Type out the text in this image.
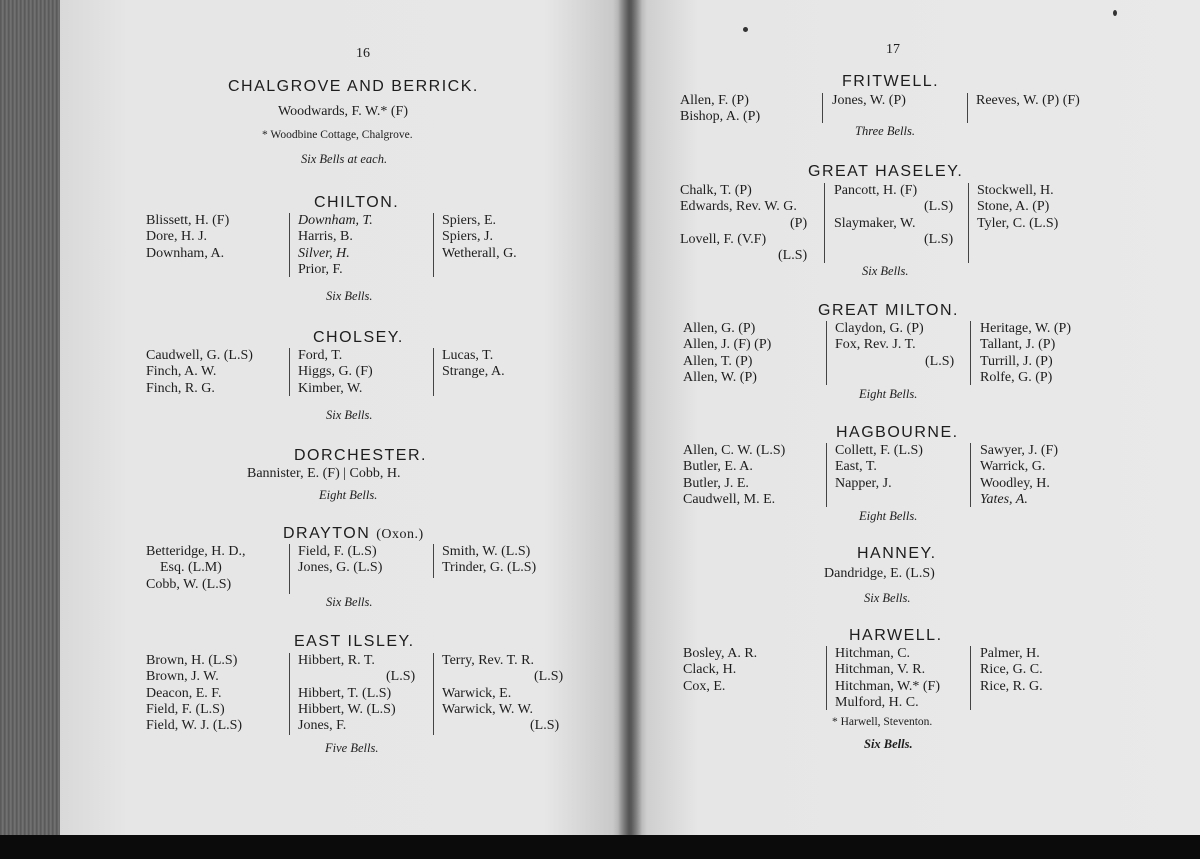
16
CHALGROVE AND BERRICK.
Woodwards, F. W.* (F)
* Woodbine Cottage, Chalgrove.
Six Bells at each.
CHILTON.
Blissett, H. (F)
Dore, H. J.
Downham, A.
Downham, T.
Harris, B.
Silver, H.
Prior, F.
Spiers, E.
Spiers, J.
Wetherall, G.
Six Bells.
CHOLSEY.
Caudwell, G. (L.S)
Finch, A. W.
Finch, R. G.
Ford, T.
Higgs, G. (F)
Kimber, W.
Lucas, T.
Strange, A.
Six Bells.
DORCHESTER.
Bannister, E. (F) | Cobb, H.
Eight Bells.
DRAYTON (Oxon.)
Betteridge, H. D.,
Esq. (L.M)
Cobb, W. (L.S)
Field, F. (L.S)
Jones, G. (L.S)
Smith, W. (L.S)
Trinder, G. (L.S)
Six Bells.
EAST ILSLEY.
Brown, H. (L.S)
Brown, J. W.
Deacon, E. F.
Field, F. (L.S)
Field, W. J. (L.S)
Hibbert, R. T.
(L.S)
Hibbert, T. (L.S)
Hibbert, W. (L.S)
Jones, F.
Terry, Rev. T. R.
(L.S)
Warwick, E.
Warwick, W. W.
(L.S)
Five Bells.
17
FRITWELL.
Allen, F. (P)
Bishop, A. (P)
Jones, W. (P)	Reeves, W. (P) (F)
Three Bells.
GREAT HASELEY.
Chalk, T. (P)
Edwards, Rev. W. G.
(P)
Lovell, F. (V.F)
(L.S)
Pancott, H. (F)
(L.S)
Slaymaker, W.
(L.S)
Stockwell, H.
Stone, A. (P)
Tyler, C. (L.S)
Six Bells.
GREAT MILTON.
Allen, G. (P)
Allen, J. (F) (P)
Allen, T. (P)
Allen, W. (P)
Claydon, G. (P)
Fox, Rev. J. T.
(L.S)
Heritage, W. (P)
Tallant, J. (P)
Turrill, J. (P)
Rolfe, G. (P)
Eight Bells.
HAGBOURNE.
Allen, C. W. (L.S)
Butler, E. A.
Butler, J. E.
Caudwell, M. E.
Collett, F. (L.S)
East, T.
Napper, J.
Sawyer, J. (F)
Warrick, G.
Woodley, H.
Yates, A.
Eight Bells.
HANNEY.
Dandridge, E. (L.S)
Six Bells.
HARWELL.
Bosley, A. R.
Clack, H.
Cox, E.
Hitchman, C.
Hitchman, V. R.
Hitchman, W.* (F)
Mulford, H. C.
Palmer, H.
Rice, G. C.
Rice, R. G.
* Harwell, Steventon.
Six Bells.
